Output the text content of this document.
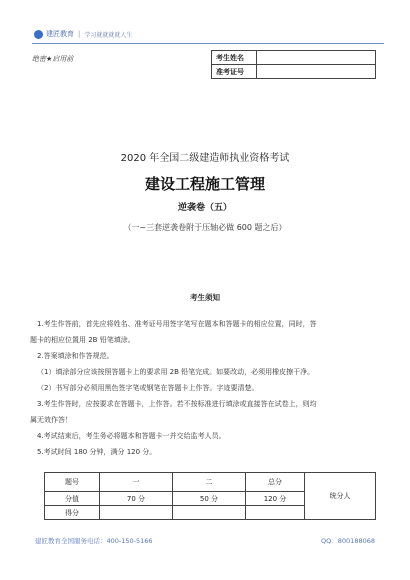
建匠教育 | 学习就就就就人生
绝密★启用前	考生姓名	
准考证号	
2020 年全国二级建造师执业资格考试
建设工程施工管理
逆袭卷（五）
（一~三套逆袭卷附于压轴必做 600 题之后）
考生须知

1.考生作答前，首先应将姓名、准考证号用签字笔写在题本和答题卡的相应位置，同时，答

题卡的相应位置用 2B 铅笔填涂。

2.答案填涂和作答规范。

（1）填涂部分应该按照答题卡上的要求用 2B 铅笔完成。如要改动，必须用橡皮擦干净。

（2）书写部分必须用黑色签字笔或钢笔在答题卡上作答。字迹要清楚。

3.考生作答时，应按要求在答题卡，上作答。若不按标准进行填涂或直接答在试卷上，则均

属无效作答！

4.考试结束后，考生务必将题本和答题卡一并交给监考人员。

5.考试时间 180 分钟，满分 120 分。

题号	一	二	总分	统分人
分值	70 分	50 分	120 分	
得分				
建匠教育全国服务电话：400-150-5166	QQ：800188068
